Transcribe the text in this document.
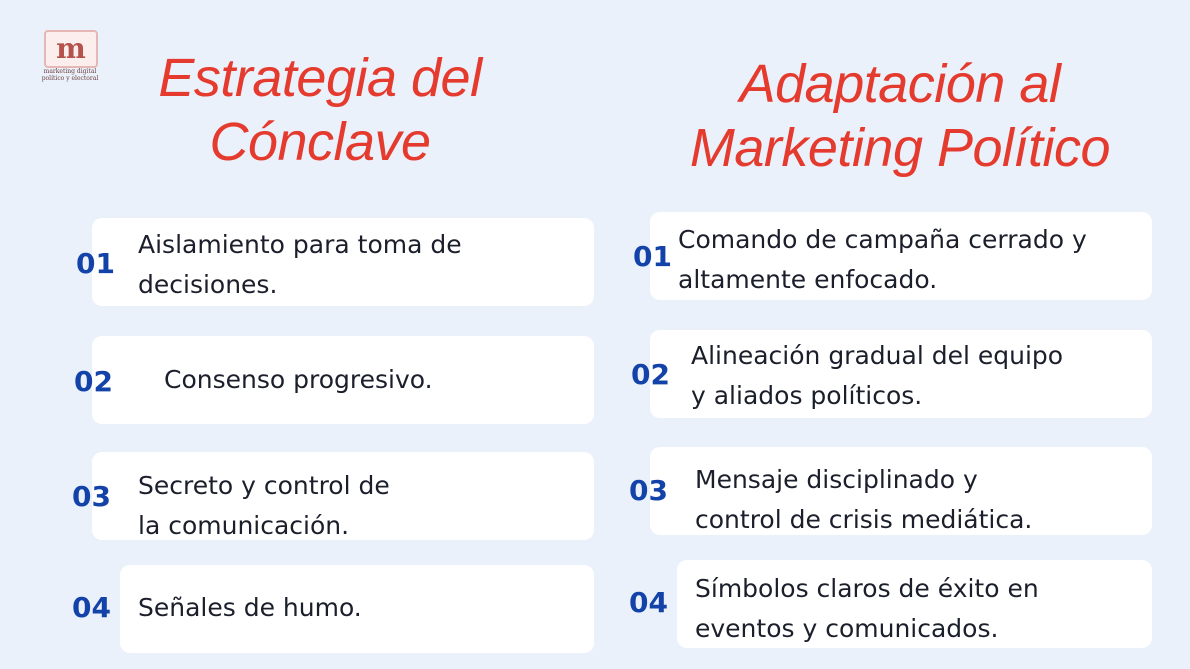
m
marketing digital político y electoral	Estrategia del Cónclave
Adaptación al Marketing Político
01
Aislamiento para toma de
decisiones.
02 Consenso progresivo.
03 Secreto y control de
la comunicación.
04 Señales de humo.
01
Comando de campaña cerrado y
altamente enfocado.
02
Alineación gradual del equipo
y aliados políticos.
03 Mensaje disciplinado y
control de crisis mediática.
04 Símbolos claros de éxito en
eventos y comunicados.
